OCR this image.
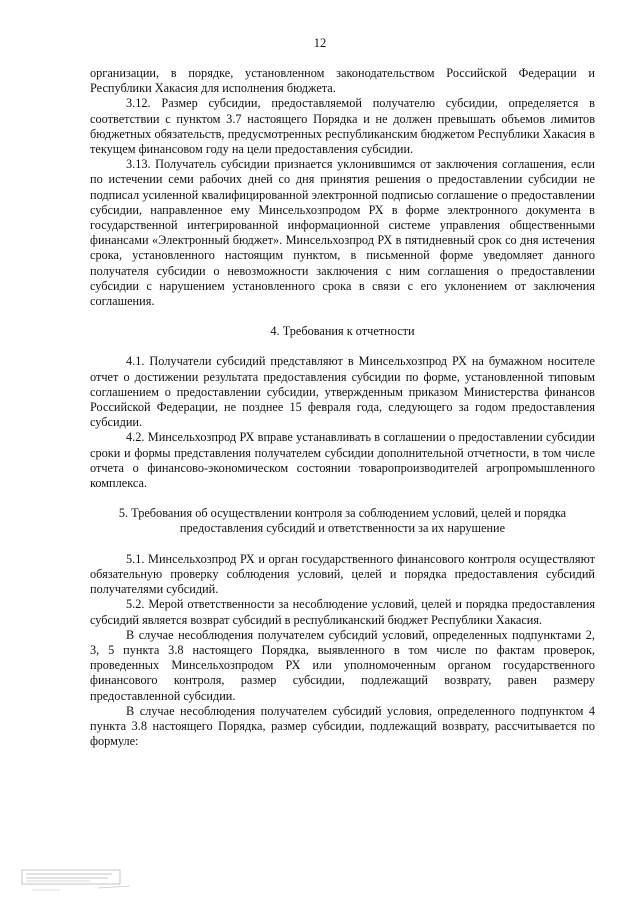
12

организации, в порядке, установленном законодательством Российской Федерации и Республики Хакасия для исполнения бюджета.

3.12. Размер субсидии, предоставляемой получателю субсидии, определяется в соответствии с пунктом 3.7 настоящего Порядка и не должен превышать объемов лимитов бюджетных обязательств, предусмотренных республиканским бюджетом Республики Хакасия в текущем финансовом году на цели предоставления субсидии.

3.13. Получатель субсидии признается уклонившимся от заключения соглашения, если по истечении семи рабочих дней со дня принятия решения о предоставлении субсидии не подписал усиленной квалифицированной электронной подписью соглашение о предоставлении субсидии, направленное ему Минсельхозпродом РХ в форме электронного документа в государственной интегрированной информационной системе управления общественными финансами «Электронный бюджет». Минсельхозпрод РХ в пятидневный срок со дня истечения срока, установленного настоящим пунктом, в письменной форме уведомляет данного получателя субсидии о невозможности заключения с ним соглашения о предоставлении субсидии с нарушением установленного срока в связи с его уклонением от заключения соглашения.

4. Требования к отчетности

4.1. Получатели субсидий представляют в Минсельхозпрод РХ на бумажном носителе отчет о достижении результата предоставления субсидии по форме, установленной типовым соглашением о предоставлении субсидии, утвержденным приказом Министерства финансов Российской Федерации, не позднее 15 февраля года, следующего за годом предоставления субсидии.

4.2. Минсельхозпрод РХ вправе устанавливать в соглашении о предоставлении субсидии сроки и формы представления получателем субсидии дополнительной отчетности, в том числе отчета о финансово-экономическом состоянии товаропроизводителей агропромышленного комплекса.

5. Требования об осуществлении контроля за соблюдением условий, целей и порядка предоставления субсидий и ответственности за их нарушение

5.1. Минсельхозпрод РХ и орган государственного финансового контроля осуществляют обязательную проверку соблюдения условий, целей и порядка предоставления субсидий получателями субсидий.

5.2. Мерой ответственности за несоблюдение условий, целей и порядка предоставления субсидий является возврат субсидий в республиканский бюджет Республики Хакасия.

В случае несоблюдения получателем субсидий условий, определенных подпунктами 2, 3, 5 пункта 3.8 настоящего Порядка, выявленного в том числе по фактам проверок, проведенных Минсельхозпродом РХ или уполномоченным органом государственного финансового контроля, размер субсидии, подлежащий возврату, равен размеру предоставленной субсидии.

В случае несоблюдения получателем субсидий условия, определенного подпунктом 4 пункта 3.8 настоящего Порядка, размер субсидии, подлежащий возврату, рассчитывается по формуле:
